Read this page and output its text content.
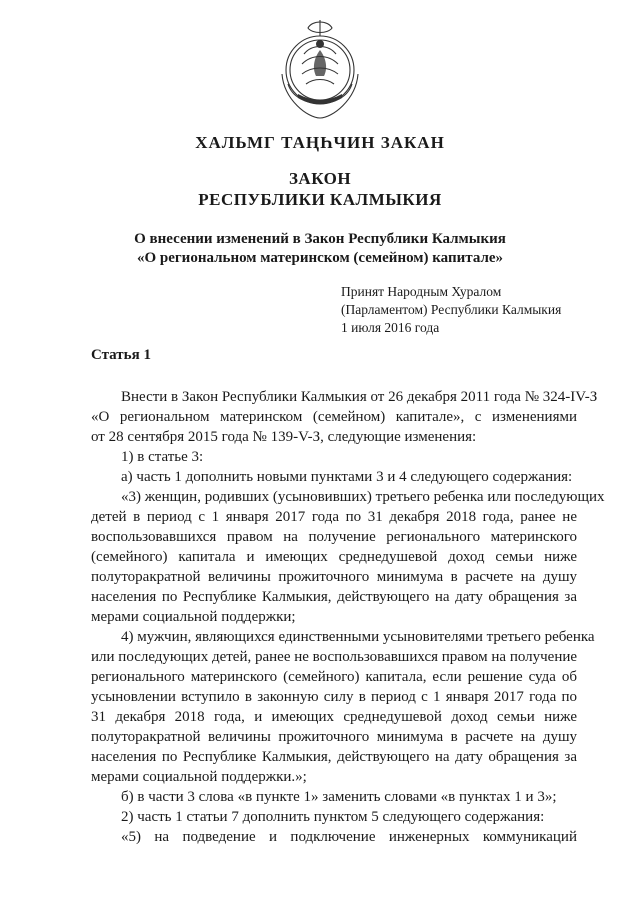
ХАЛЬМГ ТАҢҺЧИН ЗАКАН
ЗАКОН
РЕСПУБЛИКИ КАЛМЫКИЯ
О внесении изменений в Закон Республики Калмыкия
«О региональном материнском (семейном) капитале»
Принят Народным Хуралом
(Парламентом) Республики Калмыкия
1 июля 2016 года
Статья 1
Внести в Закон Республики Калмыкия от 26 декабря 2011 года № 324-IV-З
«О региональном материнском (семейном) капитале», с изменениями
от 28 сентября 2015 года № 139-V-З, следующие изменения:
1) в статье 3:
а) часть 1 дополнить новыми пунктами 3 и 4 следующего содержания:
«3) женщин, родивших (усыновивших) третьего ребенка или последующих
детей в период с 1 января 2017 года по 31 декабря 2018 года, ранее не
воспользовавшихся правом на получение регионального материнского
(семейного) капитала и имеющих среднедушевой доход семьи ниже
полуторакратной величины прожиточного минимума в расчете на душу
населения по Республике Калмыкия, действующего на дату обращения за
мерами социальной поддержки;
4) мужчин, являющихся единственными усыновителями третьего ребенка
или последующих детей, ранее не воспользовавшихся правом на получение
регионального материнского (семейного) капитала, если решение суда об
усыновлении вступило в законную силу в период с 1 января 2017 года по
31 декабря 2018 года, и имеющих среднедушевой доход семьи ниже
полуторакратной величины прожиточного минимума в расчете на душу
населения по Республике Калмыкия, действующего на дату обращения за
мерами социальной поддержки.»;
б) в части 3 слова «в пункте 1» заменить словами «в пунктах 1 и 3»;
2) часть 1 статьи 7 дополнить пунктом 5 следующего содержания:
«5) на подведение и подключение инженерных коммуникаций
